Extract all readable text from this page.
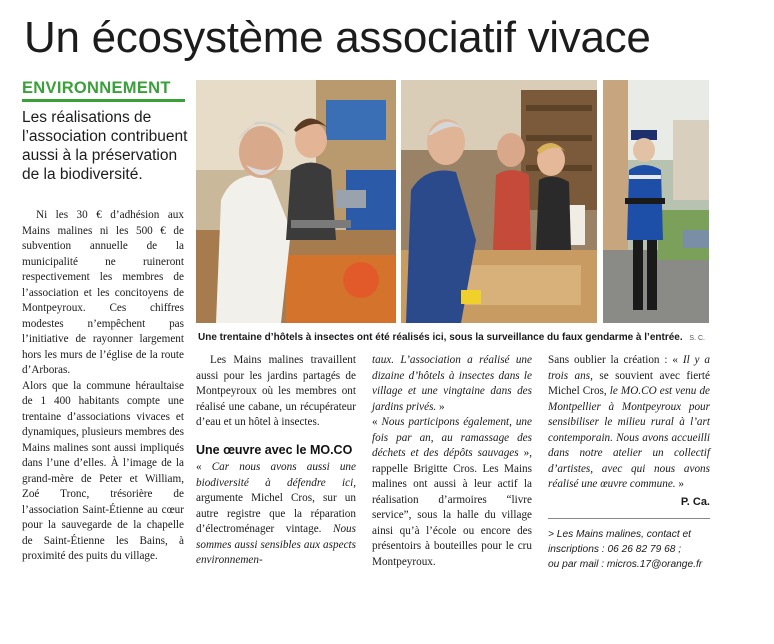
Un écosystème associatif vivace
ENVIRONNEMENT
Les réalisations de l’association contribuent aussi à la préservation de la biodiversité.
Une trentaine d’hôtels à insectes ont été réalisés ici, sous la surveillance du faux gendarme à l’entrée. S. C.

Ni les 30 € d’adhésion aux Mains malines ni les 500 € de subvention annuelle de la municipalité ne ruineront respectivement les membres de l’association et les concitoyens de Montpeyroux. Ces chiffres modestes n’empêchent pas l’initiative de rayonner largement hors les murs de l’église de la route d’Arboras.

Alors que la commune héraultaise de 1 400 habitants compte une trentaine d’associations vivaces et dynamiques, plusieurs membres des Mains malines sont aussi impliqués dans l’une d’elles. À l’image de la grand-mère de Peter et William, Zoé Tronc, trésorière de l’association Saint-Étienne au cœur pour la sauvegarde de la chapelle de Saint-Étienne les Bains, à proximité des puits du village.

Les Mains malines travaillent aussi pour les jardins partagés de Montpeyroux où les membres ont réalisé une cabane, un récupérateur d’eau et un hôtel à insectes.

Une œuvre avec le MO.CO

« Car nous avons aussi une biodiversité à défendre ici, argumente Michel Cros, sur un autre registre que la réparation d’électroménager vintage. Nous sommes aussi sensibles aux aspects environnemen-

taux. L’association a réalisé une dizaine d’hôtels à insectes dans le village et une vingtaine dans des jardins privés. »

« Nous participons également, une fois par an, au ramassage des déchets et des dépôts sauvages », rappelle Brigitte Cros. Les Mains malines ont aussi à leur actif la réalisation d’armoires “livre service”, sous la halle du village ainsi qu’à l’école ou encore des présentoirs à bouteilles pour le cru Montpeyroux.

Sans oublier la création : « Il y a trois ans, se souvient avec fierté Michel Cros, le MO.CO est venu de Montpellier à Montpeyroux pour sensibiliser le milieu rural à l’art contemporain. Nous avons accueilli dans notre atelier un collectif d’artistes, avec qui nous avons réalisé une œuvre commune. »

P. Ca.
> Les Mains malines, contact et
inscriptions : 06 26 82 79 68 ;
ou par mail : micros.17@orange.fr
